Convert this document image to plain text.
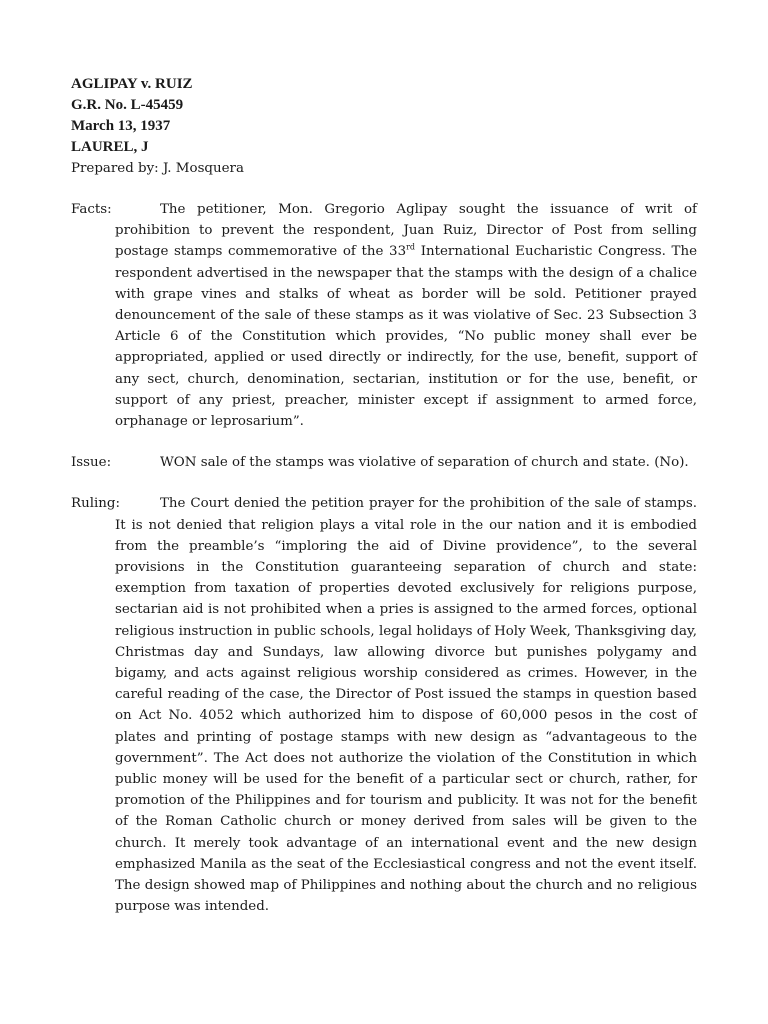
AGLIPAY v. RUIZ

G.R. No. L-45459

March 13, 1937

LAUREL, J

Prepared by: J. Mosquera

Facts:	The petitioner, Mon. Gregorio Aglipay sought the issuance of writ of prohibition to prevent the respondent, Juan Ruiz, Director of Post from selling postage stamps commemorative of the 33rd International Eucharistic Congress. The respondent advertised in the newspaper that the stamps with the design of a chalice with grape vines and stalks of wheat as border will be sold. Petitioner prayed denouncement of the sale of these stamps as it was violative of Sec. 23 Subsection 3 Article 6 of the Constitution which provides, “No public money shall ever be appropriated, applied or used directly or indirectly, for the use, benefit, support of any sect, church, denomination, sectarian, institution or for the use, benefit, or support of any priest, preacher, minister except if assignment to armed force, orphanage or leprosarium”.
Issue:	WON sale of the stamps was violative of separation of church and state. (No).
Ruling:	The Court denied the petition prayer for the prohibition of the sale of stamps. It is not denied that religion plays a vital role in the our nation and it is embodied from the preamble’s “imploring the aid of Divine providence”, to the several provisions in the Constitution guaranteeing separation of church and state: exemption from taxation of properties devoted exclusively for religions purpose, sectarian aid is not prohibited when a pries is assigned to the armed forces, optional religious instruction in public schools, legal holidays of Holy Week, Thanksgiving day, Christmas day and Sundays, law allowing divorce but punishes polygamy and bigamy, and acts against religious worship considered as crimes. However, in the careful reading of the case, the Director of Post issued the stamps in question based on Act No. 4052 which authorized him to dispose of 60,000 pesos in the cost of plates and printing of postage stamps with new design as “advantageous to the government”. The Act does not authorize the violation of the Constitution in which public money will be used for the benefit of a particular sect or church, rather, for promotion of the Philippines and for tourism and publicity. It was not for the benefit of the Roman Catholic church or money derived from sales will be given to the church. It merely took advantage of an international event and the new design emphasized Manila as the seat of the Ecclesiastical congress and not the event itself. The design showed map of Philippines and nothing about the church and no religious purpose was intended.
